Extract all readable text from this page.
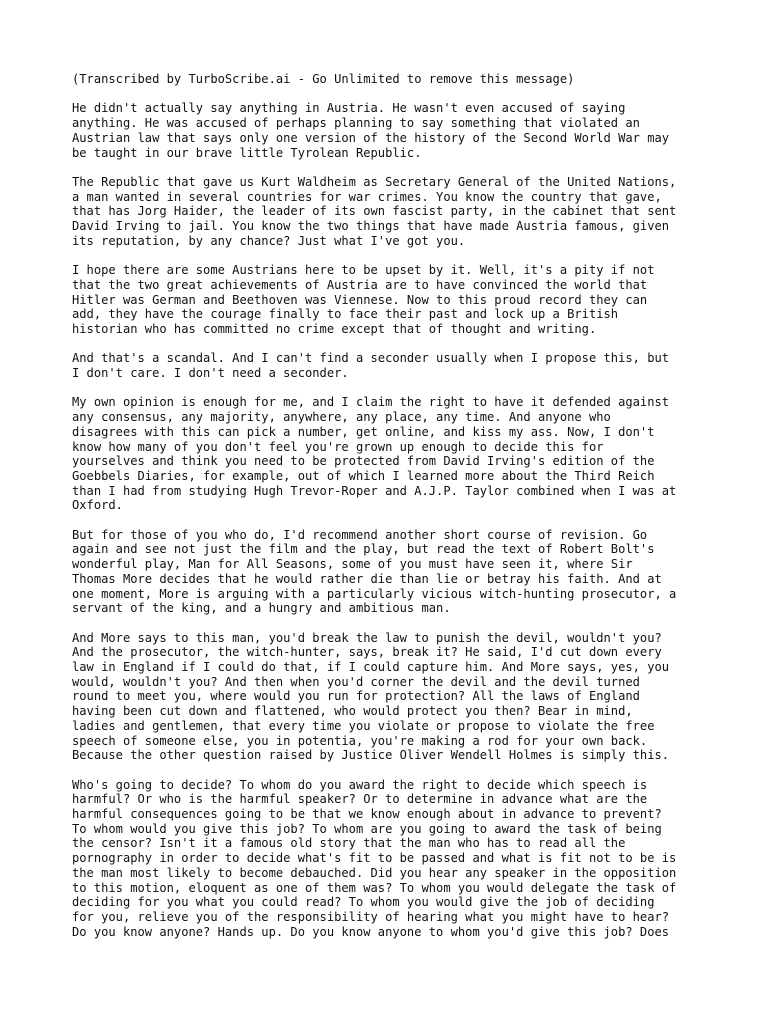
(Transcribed by TurboScribe.ai - Go Unlimited to remove this message)

He didn't actually say anything in Austria. He wasn't even accused of saying
anything. He was accused of perhaps planning to say something that violated an
Austrian law that says only one version of the history of the Second World War may
be taught in our brave little Tyrolean Republic.

The Republic that gave us Kurt Waldheim as Secretary General of the United Nations,
a man wanted in several countries for war crimes. You know the country that gave,
that has Jorg Haider, the leader of its own fascist party, in the cabinet that sent
David Irving to jail. You know the two things that have made Austria famous, given
its reputation, by any chance? Just what I've got you.

I hope there are some Austrians here to be upset by it. Well, it's a pity if not
that the two great achievements of Austria are to have convinced the world that
Hitler was German and Beethoven was Viennese. Now to this proud record they can
add, they have the courage finally to face their past and lock up a British
historian who has committed no crime except that of thought and writing.

And that's a scandal. And I can't find a seconder usually when I propose this, but
I don't care. I don't need a seconder.

My own opinion is enough for me, and I claim the right to have it defended against
any consensus, any majority, anywhere, any place, any time. And anyone who
disagrees with this can pick a number, get online, and kiss my ass. Now, I don't
know how many of you don't feel you're grown up enough to decide this for
yourselves and think you need to be protected from David Irving's edition of the
Goebbels Diaries, for example, out of which I learned more about the Third Reich
than I had from studying Hugh Trevor-Roper and A.J.P. Taylor combined when I was at
Oxford.

But for those of you who do, I'd recommend another short course of revision. Go
again and see not just the film and the play, but read the text of Robert Bolt's
wonderful play, Man for All Seasons, some of you must have seen it, where Sir
Thomas More decides that he would rather die than lie or betray his faith. And at
one moment, More is arguing with a particularly vicious witch-hunting prosecutor, a
servant of the king, and a hungry and ambitious man.

And More says to this man, you'd break the law to punish the devil, wouldn't you?
And the prosecutor, the witch-hunter, says, break it? He said, I'd cut down every
law in England if I could do that, if I could capture him. And More says, yes, you
would, wouldn't you? And then when you'd corner the devil and the devil turned
round to meet you, where would you run for protection? All the laws of England
having been cut down and flattened, who would protect you then? Bear in mind,
ladies and gentlemen, that every time you violate or propose to violate the free
speech of someone else, you in potentia, you're making a rod for your own back.
Because the other question raised by Justice Oliver Wendell Holmes is simply this.

Who's going to decide? To whom do you award the right to decide which speech is
harmful? Or who is the harmful speaker? Or to determine in advance what are the
harmful consequences going to be that we know enough about in advance to prevent?
To whom would you give this job? To whom are you going to award the task of being
the censor? Isn't it a famous old story that the man who has to read all the
pornography in order to decide what's fit to be passed and what is fit not to be is
the man most likely to become debauched. Did you hear any speaker in the opposition
to this motion, eloquent as one of them was? To whom you would delegate the task of
deciding for you what you could read? To whom you would give the job of deciding
for you, relieve you of the responsibility of hearing what you might have to hear?
Do you know anyone? Hands up. Do you know anyone to whom you'd give this job? Does
